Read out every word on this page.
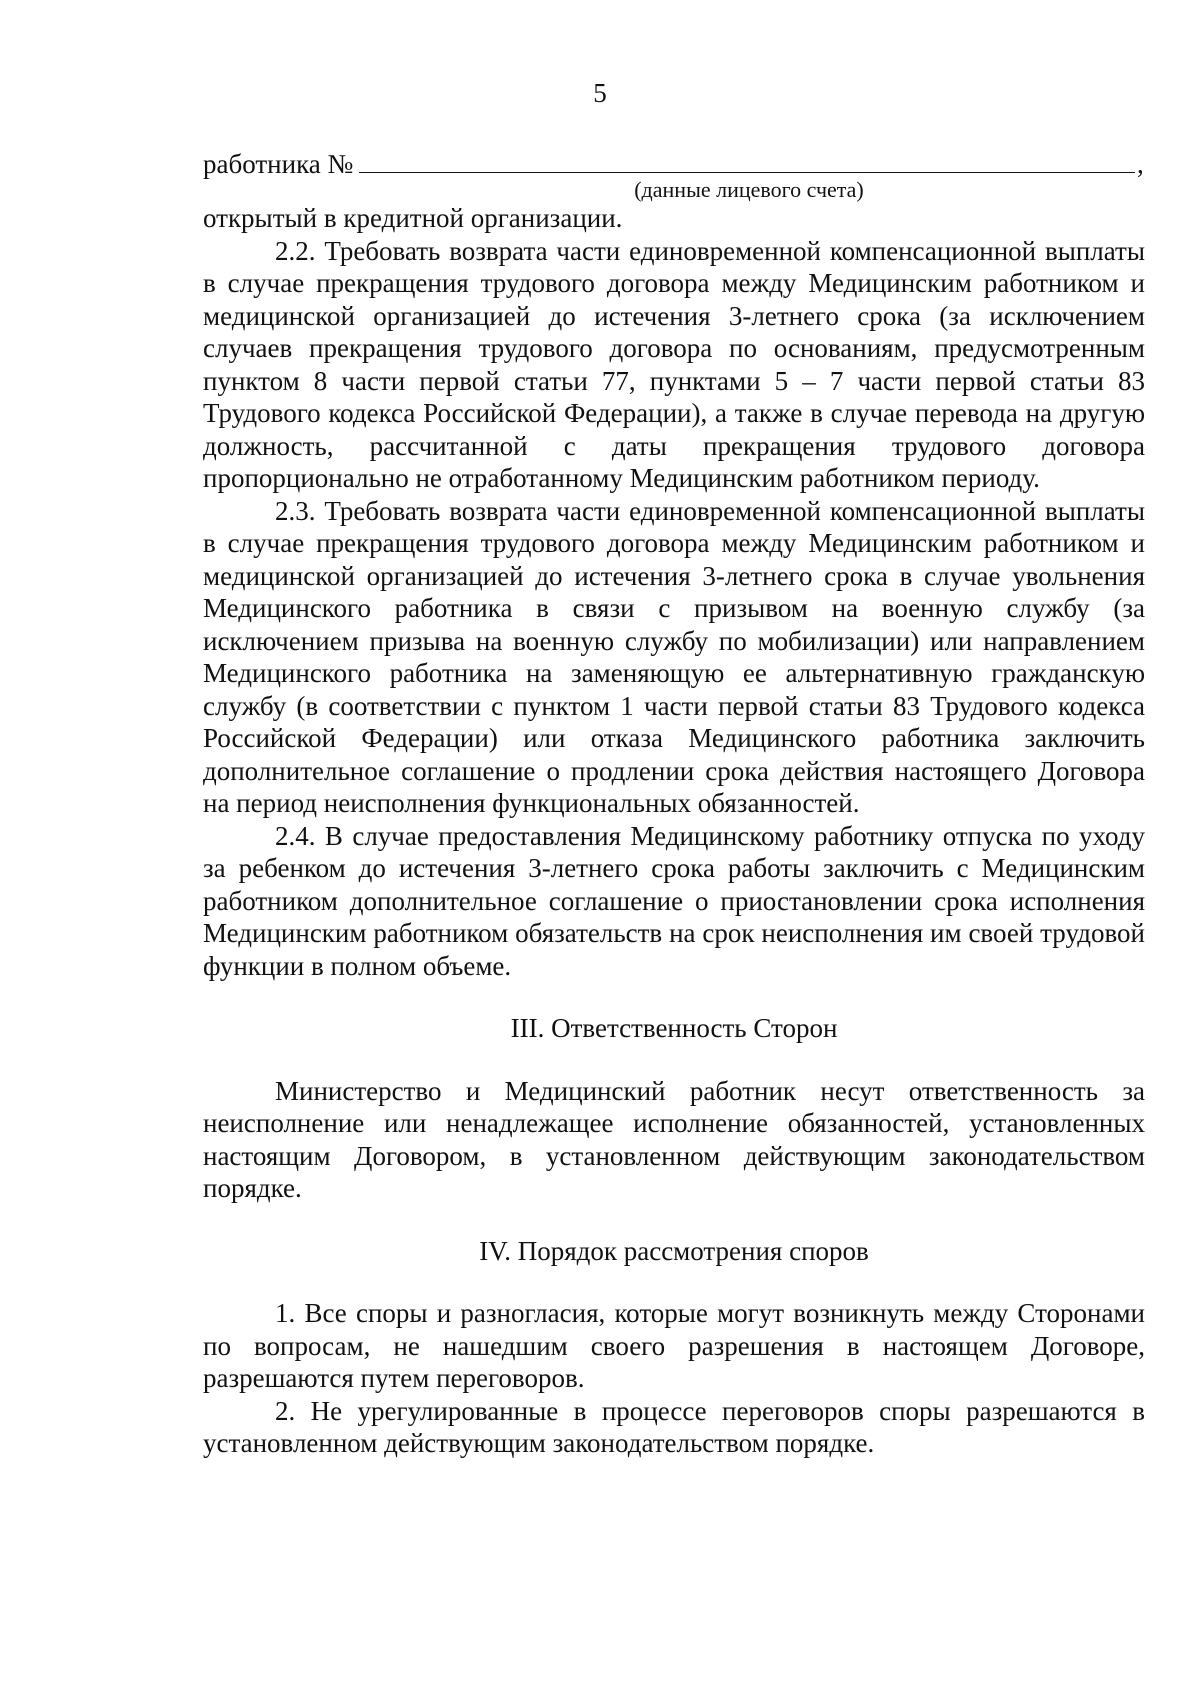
5
работника №	,
(данные лицевого счета)

открытый в кредитной организации.

2.2. Требовать возврата части единовременной компенсационной выплаты в случае прекращения трудового договора между Медицинским работником и медицинской организацией до истечения 3-летнего срока (за исключением случаев прекращения трудового договора по основаниям, предусмотренным пунктом 8 части первой статьи 77, пунктами 5 – 7 части первой статьи 83 Трудового кодекса Российской Федерации), а также в случае перевода на другую должность, рассчитанной с даты прекращения трудового договора пропорционально не отработанному Медицинским работником периоду.

2.3. Требовать возврата части единовременной компенсационной выплаты в случае прекращения трудового договора между Медицинским работником и медицинской организацией до истечения 3-летнего срока в случае увольнения Медицинского работника в связи с призывом на военную службу (за исключением призыва на военную службу по мобилизации) или направлением Медицинского работника на заменяющую ее альтернативную гражданскую службу (в соответствии с пунктом 1 части первой статьи 83 Трудового кодекса Российской Федерации) или отказа Медицинского работника заключить дополнительное соглашение о продлении срока действия настоящего Договора на период неисполнения функциональных обязанностей.

2.4. В случае предоставления Медицинскому работнику отпуска по уходу за ребенком до истечения 3-летнего срока работы заключить с Медицинским работником дополнительное соглашение о приостановлении срока исполнения Медицинским работником обязательств на срок неисполнения им своей трудовой функции в полном объеме.

III. Ответственность Сторон

Министерство и Медицинский работник несут ответственность за неисполнение или ненадлежащее исполнение обязанностей, установленных настоящим Договором, в установленном действующим законодательством порядке.

IV. Порядок рассмотрения споров

1. Все споры и разногласия, которые могут возникнуть между Сторонами по вопросам, не нашедшим своего разрешения в настоящем Договоре, разрешаются путем переговоров.

2. Не урегулированные в процессе переговоров споры разрешаются в установленном действующим законодательством порядке.
